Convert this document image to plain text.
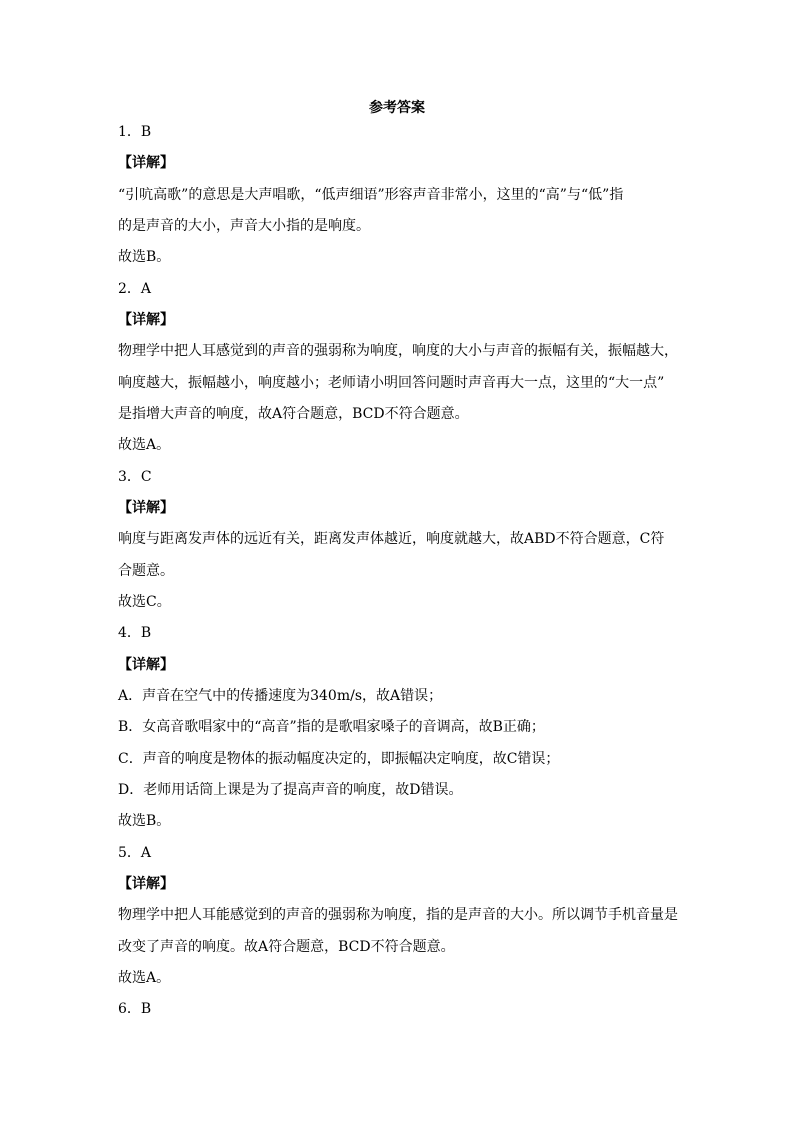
参考答案
1．B
【详解】
“引吭高歌”的意思是大声唱歌，“低声细语”形容声音非常小，这里的“高”与“低”指
的是声音的大小，声音大小指的是响度。
故选B。
2．A
【详解】
物理学中把人耳感觉到的声音的强弱称为响度，响度的大小与声音的振幅有关，振幅越大，
响度越大，振幅越小，响度越小；老师请小明回答问题时声音再大一点，这里的“大一点”
是指增大声音的响度，故A符合题意，BCD不符合题意。
故选A。
3．C
【详解】
响度与距离发声体的远近有关，距离发声体越近，响度就越大，故ABD不符合题意，C符
合题意。
故选C。
4．B
【详解】
A．声音在空气中的传播速度为340m/s，故A错误；
B．女高音歌唱家中的“高音”指的是歌唱家嗓子的音调高，故B正确；
C．声音的响度是物体的振动幅度决定的，即振幅决定响度，故C错误；
D．老师用话筒上课是为了提高声音的响度，故D错误。
故选B。
5．A
【详解】
物理学中把人耳能感觉到的声音的强弱称为响度，指的是声音的大小。所以调节手机音量是
改变了声音的响度。故A符合题意，BCD不符合题意。
故选A。
6．B
